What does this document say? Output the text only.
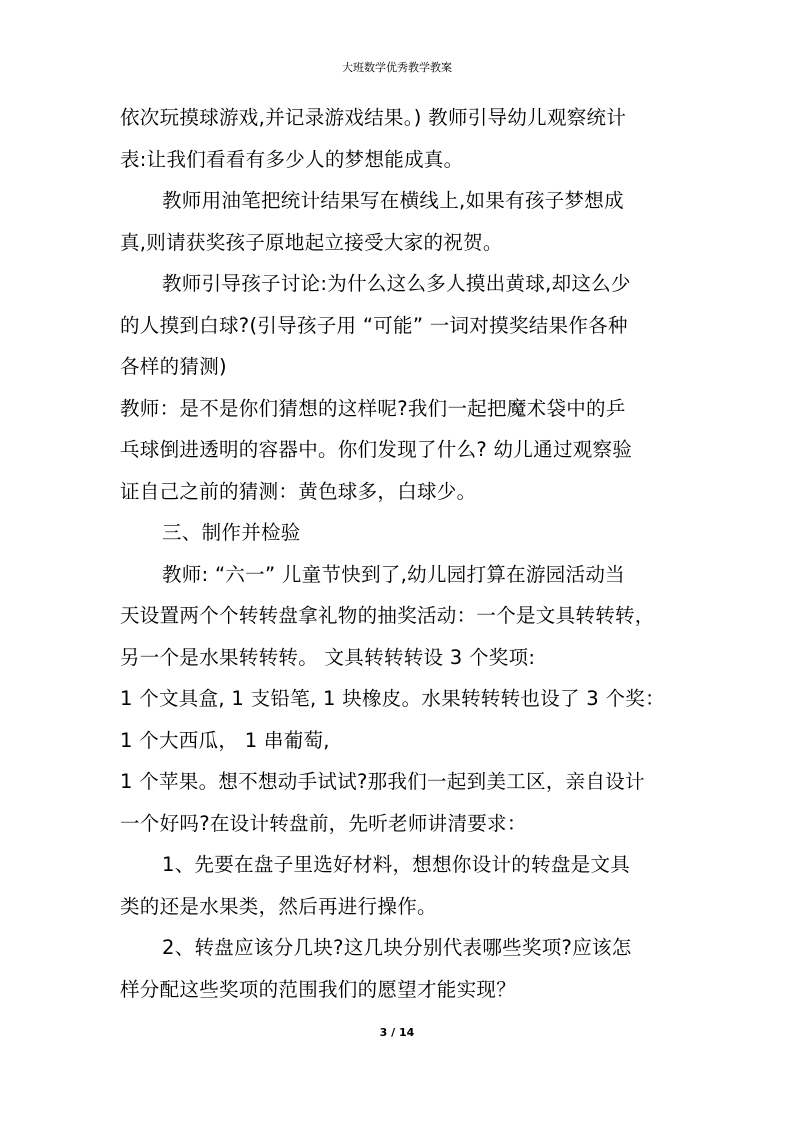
大班数学优秀教学教案
依次玩摸球游戏,并记录游戏结果。) 教师引导幼儿观察统计
表:让我们看看有多少人的梦想能成真。
教师用油笔把统计结果写在横线上,如果有孩子梦想成
真,则请获奖孩子原地起立接受大家的祝贺。
教师引导孩子讨论:为什么这么多人摸出黄球,却这么少
的人摸到白球?(引导孩子用 “可能” 一词对摸奖结果作各种
各样的猜测)
教师：是不是你们猜想的这样呢?我们一起把魔术袋中的乒
乓球倒进透明的容器中。你们发现了什么? 幼儿通过观察验
证自己之前的猜测：黄色球多，白球少。
三、制作并检验
教师: “六一” 儿童节快到了,幼儿园打算在游园活动当
天设置两个个转转盘拿礼物的抽奖活动：一个是文具转转转，
另一个是水果转转转。 文具转转转设 3 个奖项:
1 个文具盒, 1 支铅笔, 1 块橡皮。水果转转转也设了 3 个奖：
1 个大西瓜， 1 串葡萄,
1 个苹果。想不想动手试试?那我们一起到美工区，亲自设计
一个好吗?在设计转盘前，先听老师讲清要求：
1、先要在盘子里选好材料，想想你设计的转盘是文具
类的还是水果类，然后再进行操作。
2、转盘应该分几块?这几块分别代表哪些奖项?应该怎
样分配这些奖项的范围我们的愿望才能实现？
3 / 14
